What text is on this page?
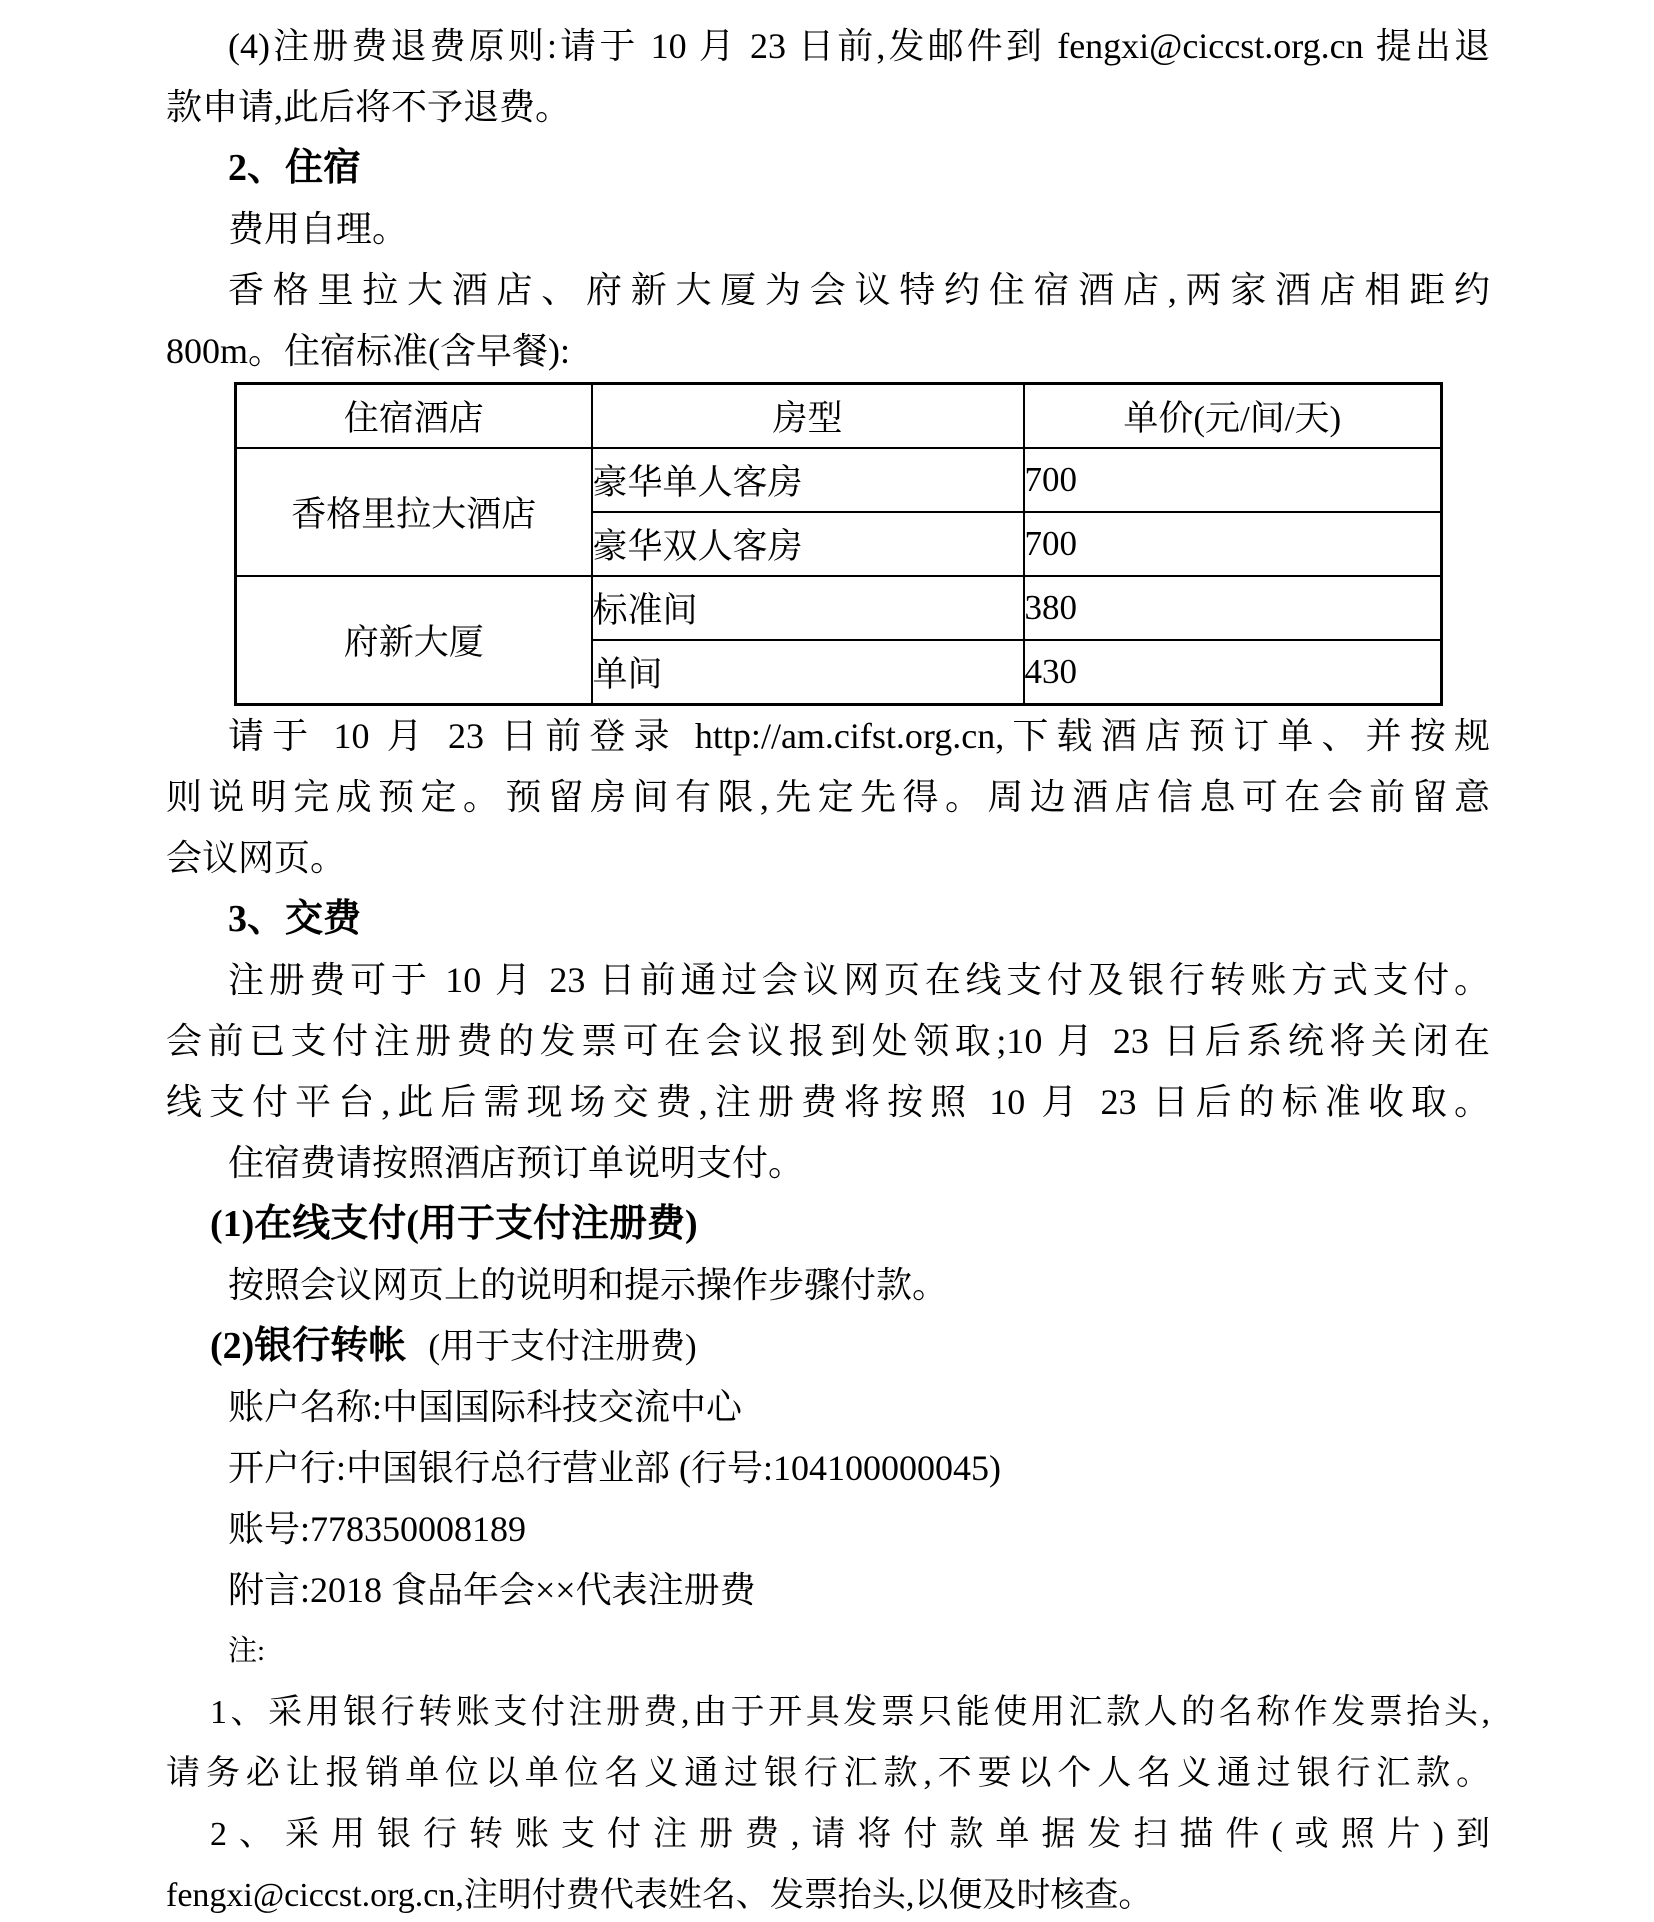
(4)注册费退费原则:请于 10 月 23 日前,发邮件到 fengxi@ciccst.org.cn 提出退
款申请,此后将不予退费。
2、住宿
费用自理。
香格里拉大酒店、府新大厦为会议特约住宿酒店,两家酒店相距约
800m。住宿标准(含早餐):
住宿酒店	房型	单价(元/间/天)
香格里拉大酒店	豪华单人客房	700
	豪华双人客房	700
府新大厦	标准间	380
	单间	430
请于 10 月 23 日前登录 http://am.cifst.org.cn,下载酒店预订单、并按规
则说明完成预定。预留房间有限,先定先得。周边酒店信息可在会前留意
会议网页。
3、交费
注册费可于 10 月 23 日前通过会议网页在线支付及银行转账方式支付。
会前已支付注册费的发票可在会议报到处领取;10 月 23 日后系统将关闭在
线支付平台,此后需现场交费,注册费将按照 10 月 23 日后的标准收取。
住宿费请按照酒店预订单说明支付。
(1)在线支付(用于支付注册费)
按照会议网页上的说明和提示操作步骤付款。
(2)银行转帐 (用于支付注册费)
账户名称:中国国际科技交流中心
开户行:中国银行总行营业部 (行号:104100000045)
账号:778350008189
附言:2018 食品年会××代表注册费
注:
1、采用银行转账支付注册费,由于开具发票只能使用汇款人的名称作发票抬头,
请务必让报销单位以单位名义通过银行汇款,不要以个人名义通过银行汇款。
2、采用银行转账支付注册费,请将付款单据发扫描件(或照片)到
fengxi@ciccst.org.cn,注明付费代表姓名、发票抬头,以便及时核查。
